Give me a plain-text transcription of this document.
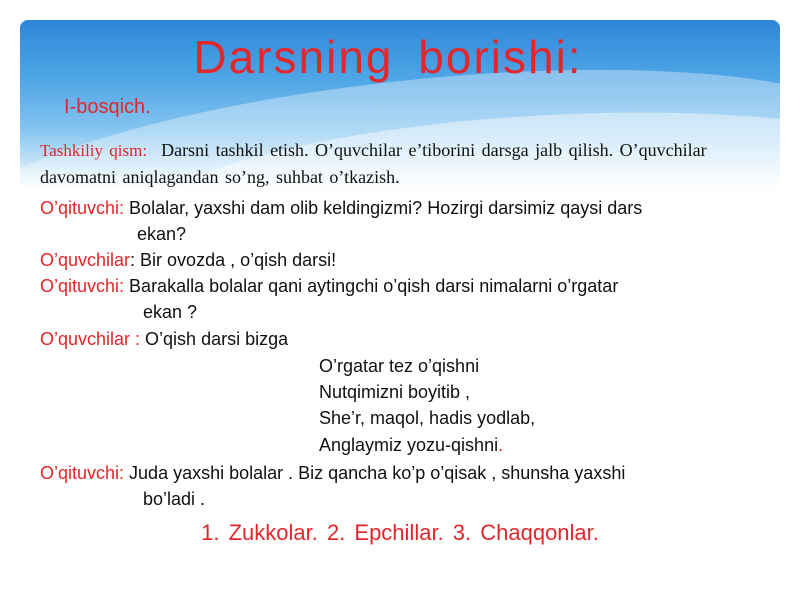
Darsning borishi:
I-bosqich.
Tashkiliy qism: Darsni tashkil etish. O’quvchilar e’tiborini darsga jalb qilish. O’quvchilar davomatni aniqlagandan so’ng, suhbat o’tkazish.
O’qituvchi: Bolalar, yaxshi dam olib keldingizmi? Hozirgi darsimiz qaysi dars
ekan?
O’quvchilar: Bir ovozda , o’qish darsi!
O’qituvchi: Barakalla bolalar qani aytingchi o’qish darsi nimalarni o’rgatar
ekan ?
O’quvchilar : O’qish darsi bizga
O’rgatar tez o’qishni
Nutqimizni boyitib ,
She’r, maqol, hadis yodlab,
Anglaymiz yozu-qishni.
O’qituvchi: Juda yaxshi bolalar . Biz qancha ko’p o’qisak , shunsha yaxshi
bo’ladi .
1. Zukkolar. 2. Epchillar. 3. Chaqqonlar.
